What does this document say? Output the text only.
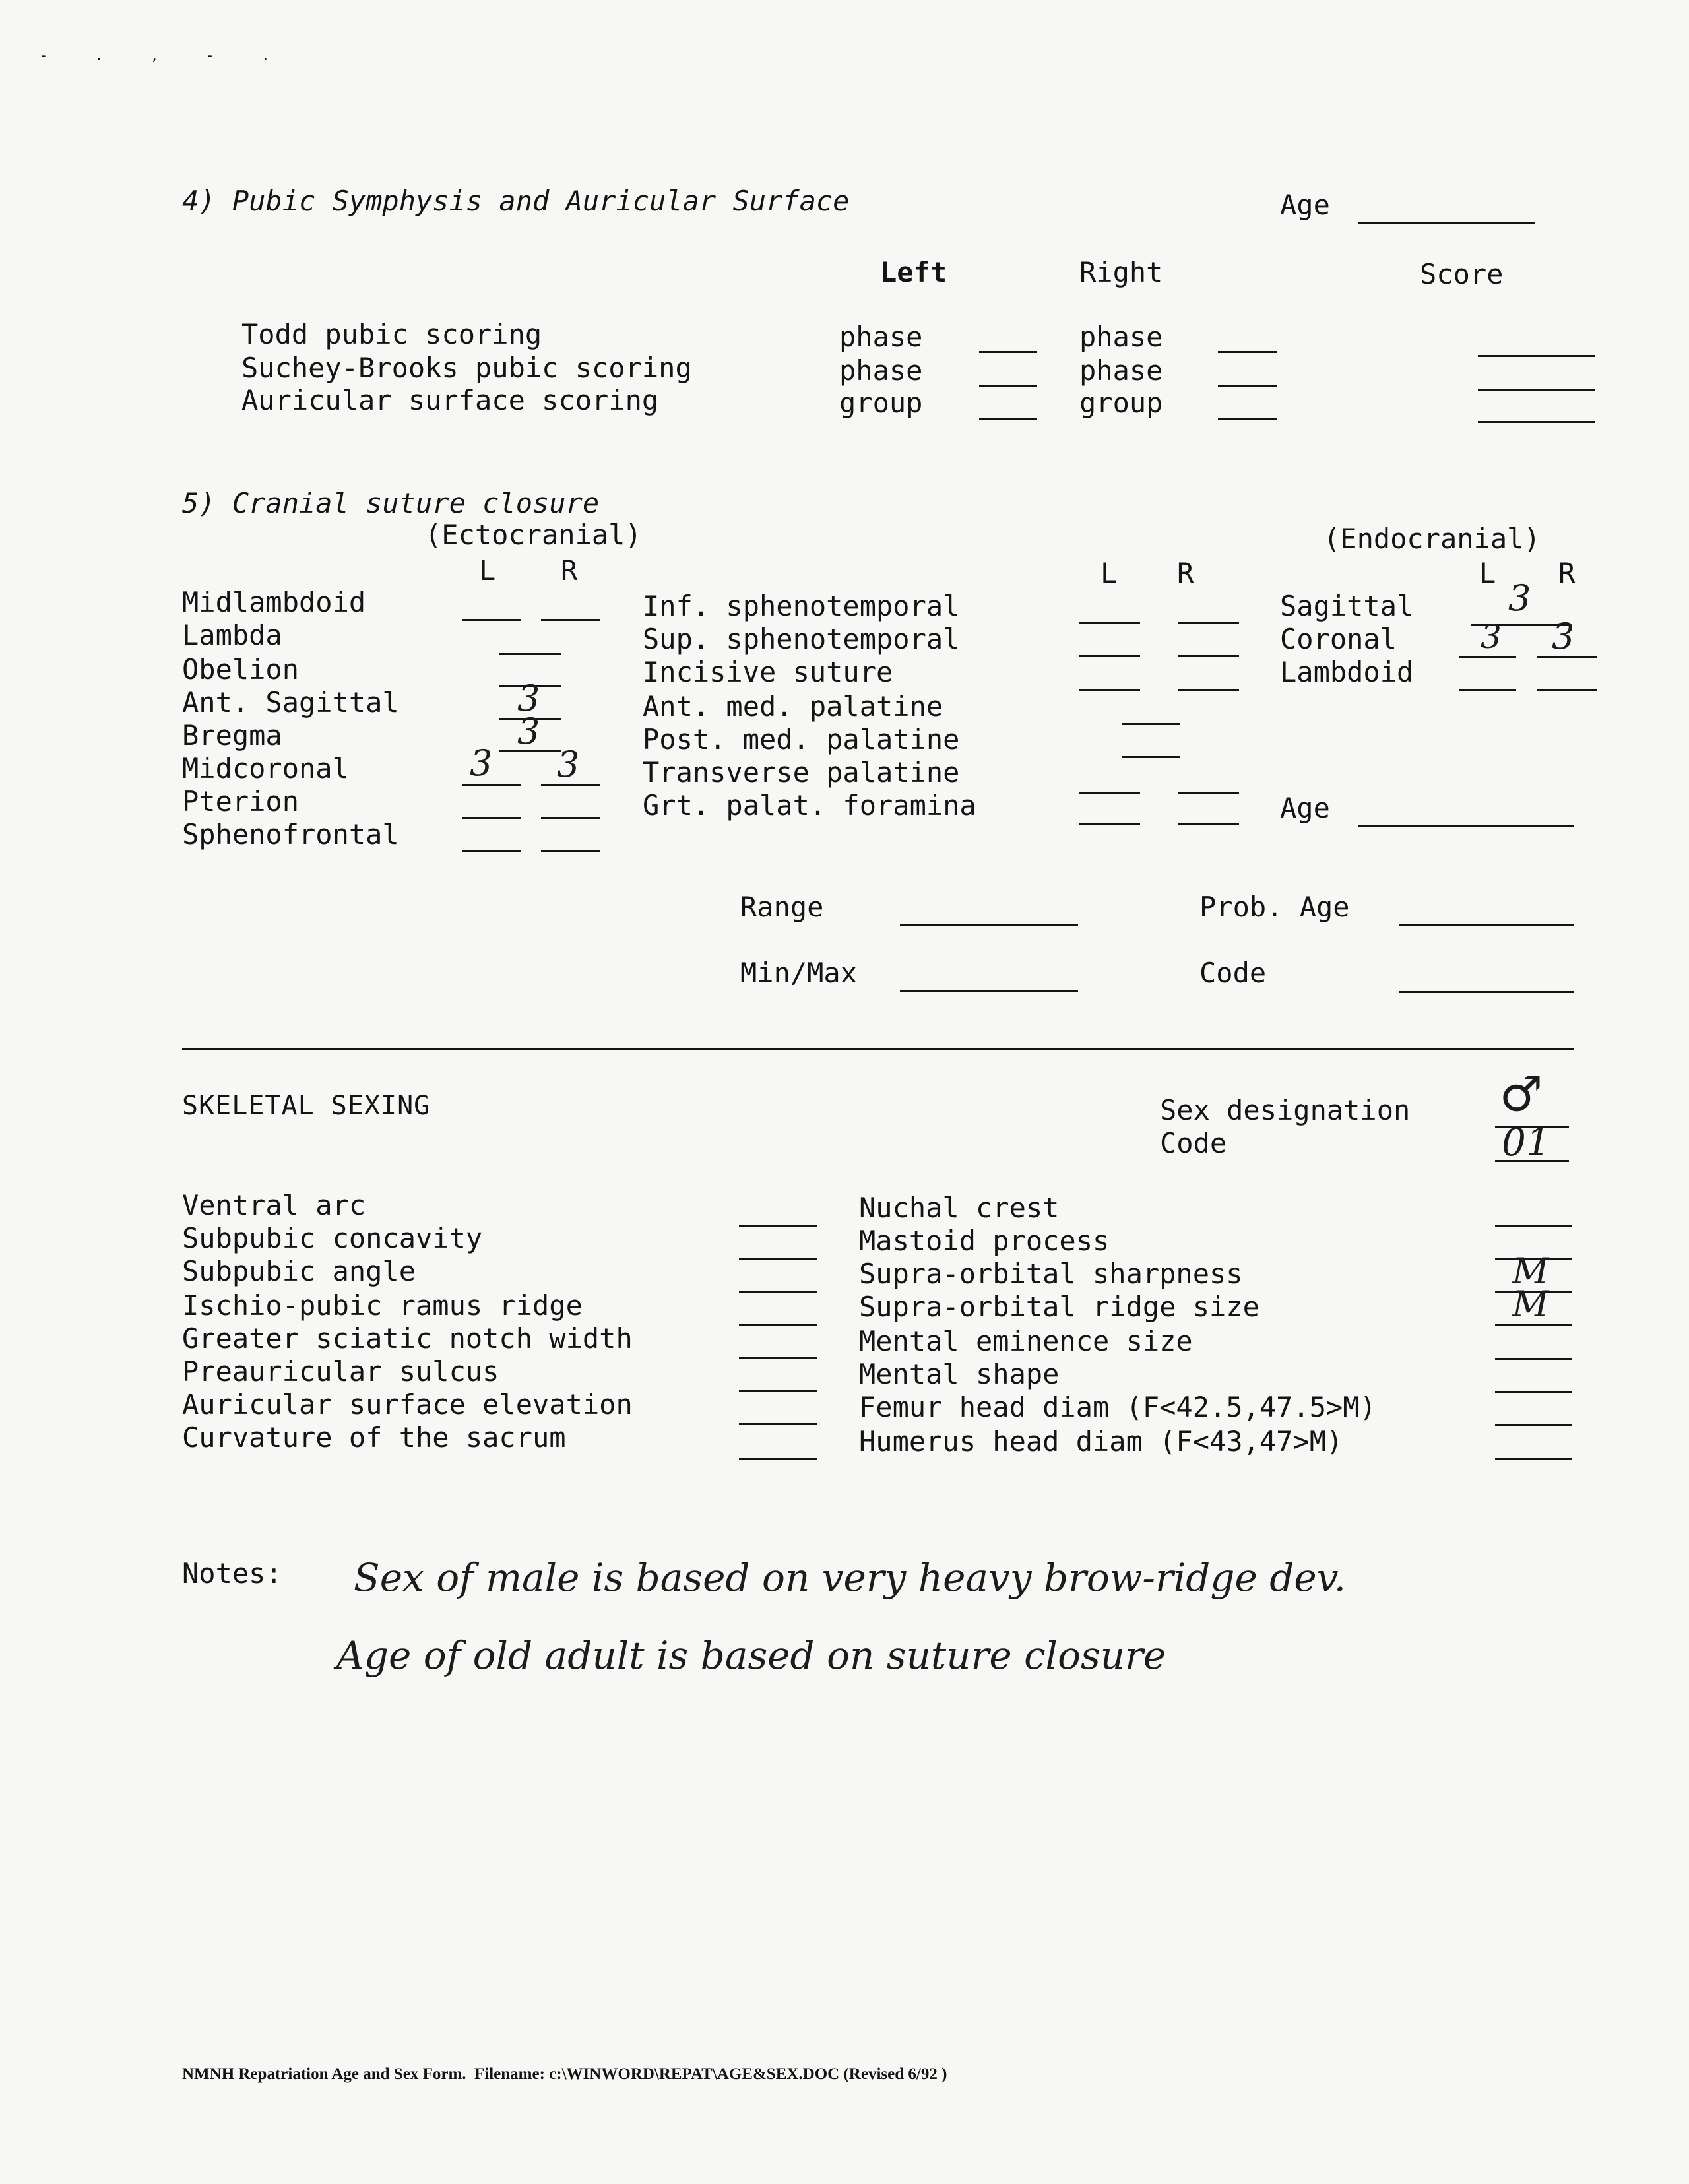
- . , - .
4) Pubic Symphysis and Auricular Surface	Age
Left	Right	Score
Todd pubic scoring	phase	phase
Suchey-Brooks pubic scoring	phase	phase
Auricular surface scoring	group	group
5) Cranial suture closure
(Ectocranial)	(Endocranial)
L R	L R	L R
Midlambdoid
Lambda
Obelion
Ant. Sagittal	3
Bregma	3
Midcoronal	3 3
Pterion
Sphenofrontal
Inf. sphenotemporal
Sup. sphenotemporal
Incisive suture
Ant. med. palatine
Post. med. palatine
Transverse palatine
Grt. palat. foramina
Sagittal	3
Coronal	3 3
Lambdoid
Age
Range	Prob. Age
Min/Max	Code
SKELETAL SEXING	Sex designation ♂
Code	01
Ventral arc
Subpubic concavity
Subpubic angle
Ischio-pubic ramus ridge
Greater sciatic notch width
Preauricular sulcus
Auricular surface elevation
Curvature of the sacrum
Nuchal crest
Mastoid process
Supra-orbital sharpness	M
Supra-orbital ridge size	M
Mental eminence size
Mental shape
Femur head diam (F<42.5,47.5>M)
Humerus head diam (F<43,47>M)
Notes: Sex of male is based on very heavy brow-ridge dev.
Age of old adult is based on suture closure
NMNH Repatriation Age and Sex Form.  Filename: c:\WINWORD\REPAT\AGE&SEX.DOC (Revised 6/92 )
